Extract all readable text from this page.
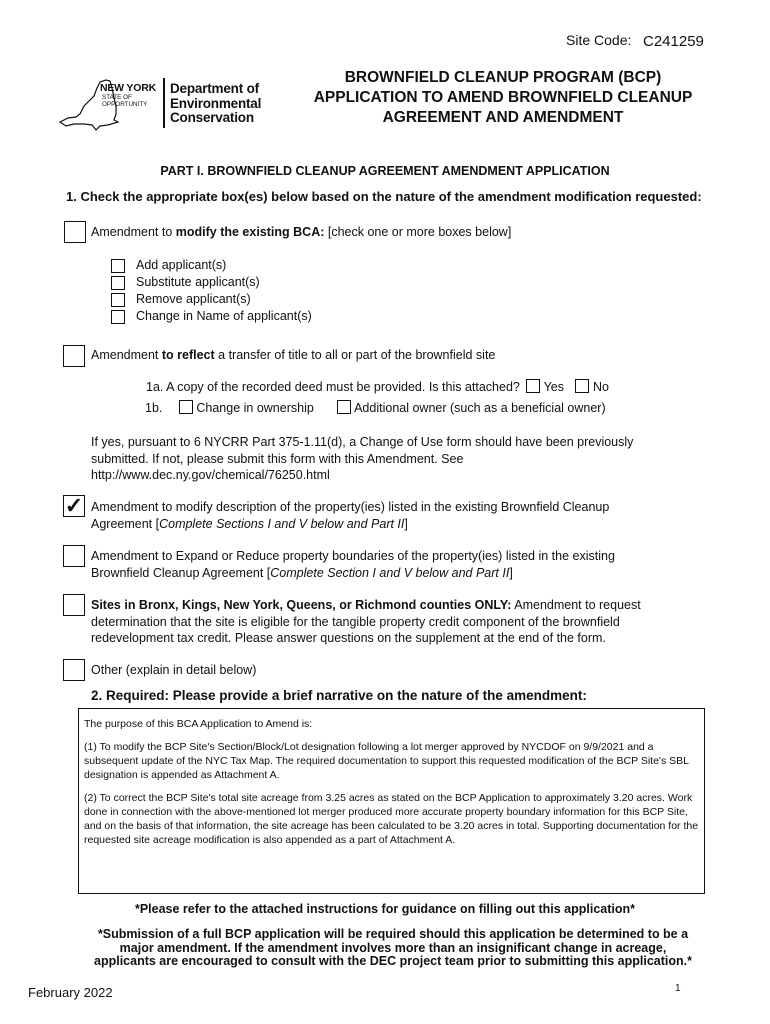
Site Code: C241259
NEW YORK
STATE OF
OPPORTUNITY
Department of
Environmental
Conservation
BROWNFIELD CLEANUP PROGRAM (BCP)
APPLICATION TO AMEND BROWNFIELD CLEANUP
AGREEMENT AND AMENDMENT
PART I. BROWNFIELD CLEANUP AGREEMENT AMENDMENT APPLICATION
1. Check the appropriate box(es) below based on the nature of the amendment modification requested:
Amendment to modify the existing BCA: [check one or more boxes below]
Add applicant(s)
Substitute applicant(s)
Remove applicant(s)
Change in Name of applicant(s)
Amendment to reflect a transfer of title to all or part of the brownfield site
1a. A copy of the recorded deed must be provided. Is this attached? Yes No
1b.	Change in ownership	Additional owner (such as a beneficial owner)
If yes, pursuant to 6 NYCRR Part 375-1.11(d), a Change of Use form should have been previously
submitted. If not, please submit this form with this Amendment. See
http://www.dec.ny.gov/chemical/76250.html
✓ Amendment to modify description of the property(ies) listed in the existing Brownfield Cleanup
Agreement [Complete Sections I and V below and Part II]
Amendment to Expand or Reduce property boundaries of the property(ies) listed in the existing
Brownfield Cleanup Agreement [Complete Section I and V below and Part II]
Sites in Bronx, Kings, New York, Queens, or Richmond counties ONLY: Amendment to request
determination that the site is eligible for the tangible property credit component of the brownfield
redevelopment tax credit. Please answer questions on the supplement at the end of the form.
Other (explain in detail below)
2. Required: Please provide a brief narrative on the nature of the amendment:

The purpose of this BCA Application to Amend is:

(1) To modify the BCP Site's Section/Block/Lot designation following a lot merger approved by NYCDOF on 9/9/2021 and a subsequent update of the NYC Tax Map. The required documentation to support this requested modification of the BCP Site's SBL designation is appended as Attachment A.

(2) To correct the BCP Site's total site acreage from 3.25 acres as stated on the BCP Application to approximately 3.20 acres. Work done in connection with the above-mentioned lot merger produced more accurate property boundary information for this BCP Site, and on the basis of that information, the site acreage has been calculated to be 3.20 acres in total. Supporting documentation for the requested site acreage modification is also appended as a part of Attachment A.

*Please refer to the attached instructions for guidance on filling out this application*
*Submission of a full BCP application will be required should this application be determined to be a
major amendment. If the amendment involves more than an insignificant change in acreage,
applicants are encouraged to consult with the DEC project team prior to submitting this application.*
February 2022	1
